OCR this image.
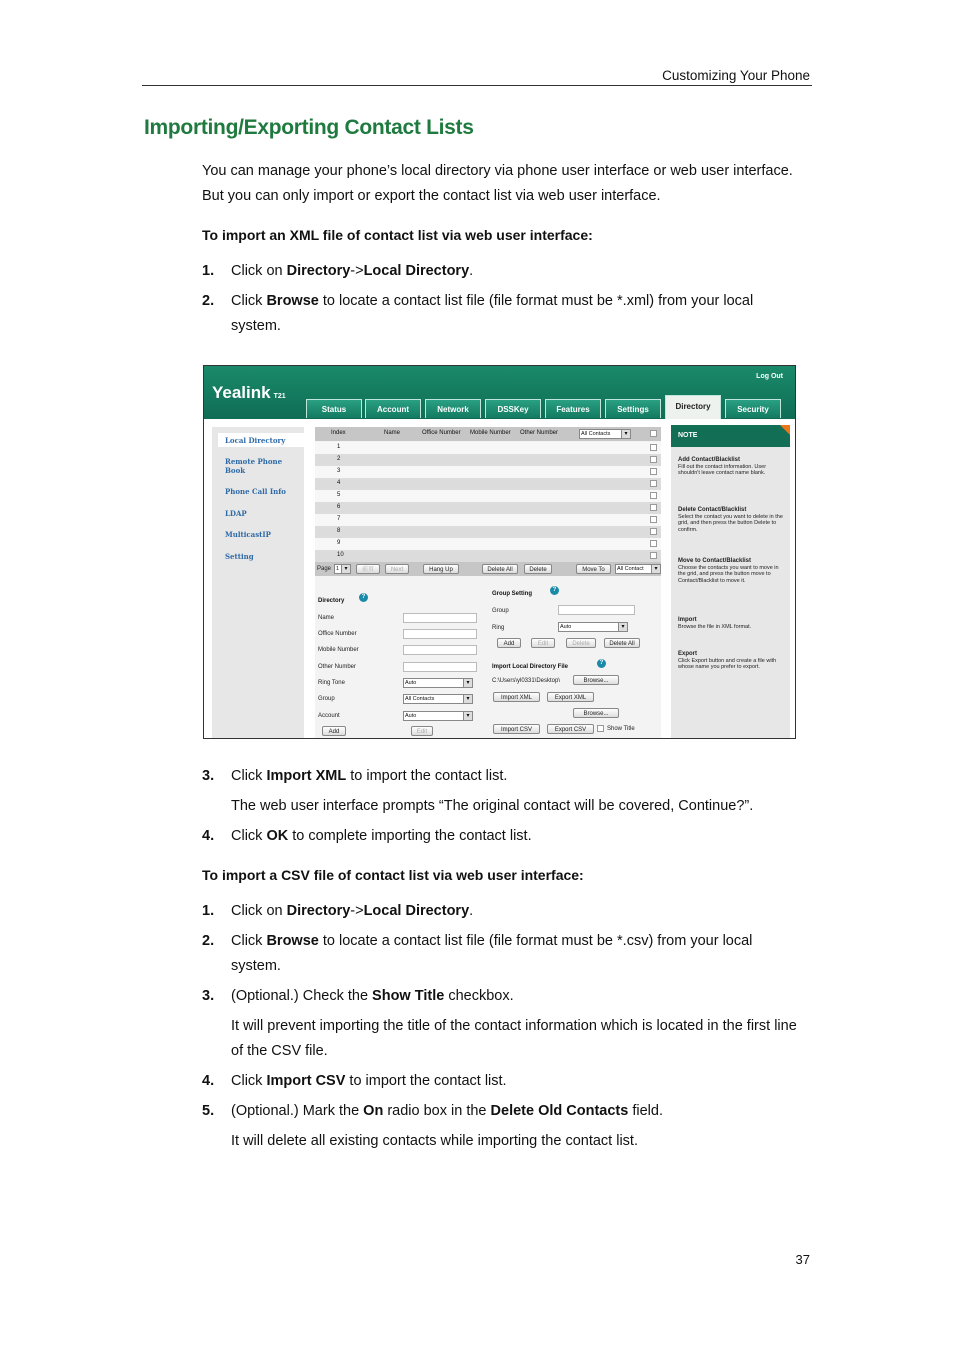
Customizing Your Phone
Importing/Exporting Contact Lists
You can manage your phone’s local directory via phone user interface or web user interface. But you can only import or export the contact list via web user interface.
To import an XML file of contact list via web user interface:
1. Click on Directory->Local Directory.
2. Click Browse to locate a contact list file (file format must be *.xml) from your local system.
Yealink T21
Log Out
Status	Account	Network	DSSKey	Features	Settings	Directory	Security
Local Directory
Remote Phone Book
Phone Call Info
LDAP
MulticastIP
Setting
Index	Name	Office Number Mobile Number Other Number	All Contacts ▾
1
2
3
4
5
6
7
8
9
10
Page 1 ▾	前页	Next	Hang Up	Delete All	Delete	Move To	All Contact ▾
Directory
?
Name
Office Number
Mobile Number
Other Number
Ring Tone	Auto ▾
Group	All Contacts ▾
Account	Auto ▾
Add	Edit
Group Setting
?
Group
Ring	Auto ▾
Add	Edit	Delete	Delete All
Import Local Directory File
?
C:\Users\yl0331\Desktop\	Browse...
Import XML	Export XML
Browse...
Import CSV	Export CSV	Show Title
NOTE
Add Contact/Blacklist
Fill out the contact information. User shouldn't leave contact name blank.
Delete Contact/Blacklist
Select the contact you want to delete in the grid, and then press the button Delete to confirm.
Move to Contact/Blacklist
Choose the contacts you want to move in the grid, and press the button move to Contact/Blacklist to move it.
Import
Browse the file in XML format.
Export
Click Export button and create a file with whose name you prefer to export.
3. Click Import XML to import the contact list.
The web user interface prompts “The original contact will be covered, Continue?”.
4. Click OK to complete importing the contact list.
To import a CSV file of contact list via web user interface:
1. Click on Directory->Local Directory.
2. Click Browse to locate a contact list file (file format must be *.csv) from your local system.
3. (Optional.) Check the Show Title checkbox.
It will prevent importing the title of the contact information which is located in the first line of the CSV file.
4. Click Import CSV to import the contact list.
5. (Optional.) Mark the On radio box in the Delete Old Contacts field.
It will delete all existing contacts while importing the contact list.
37
